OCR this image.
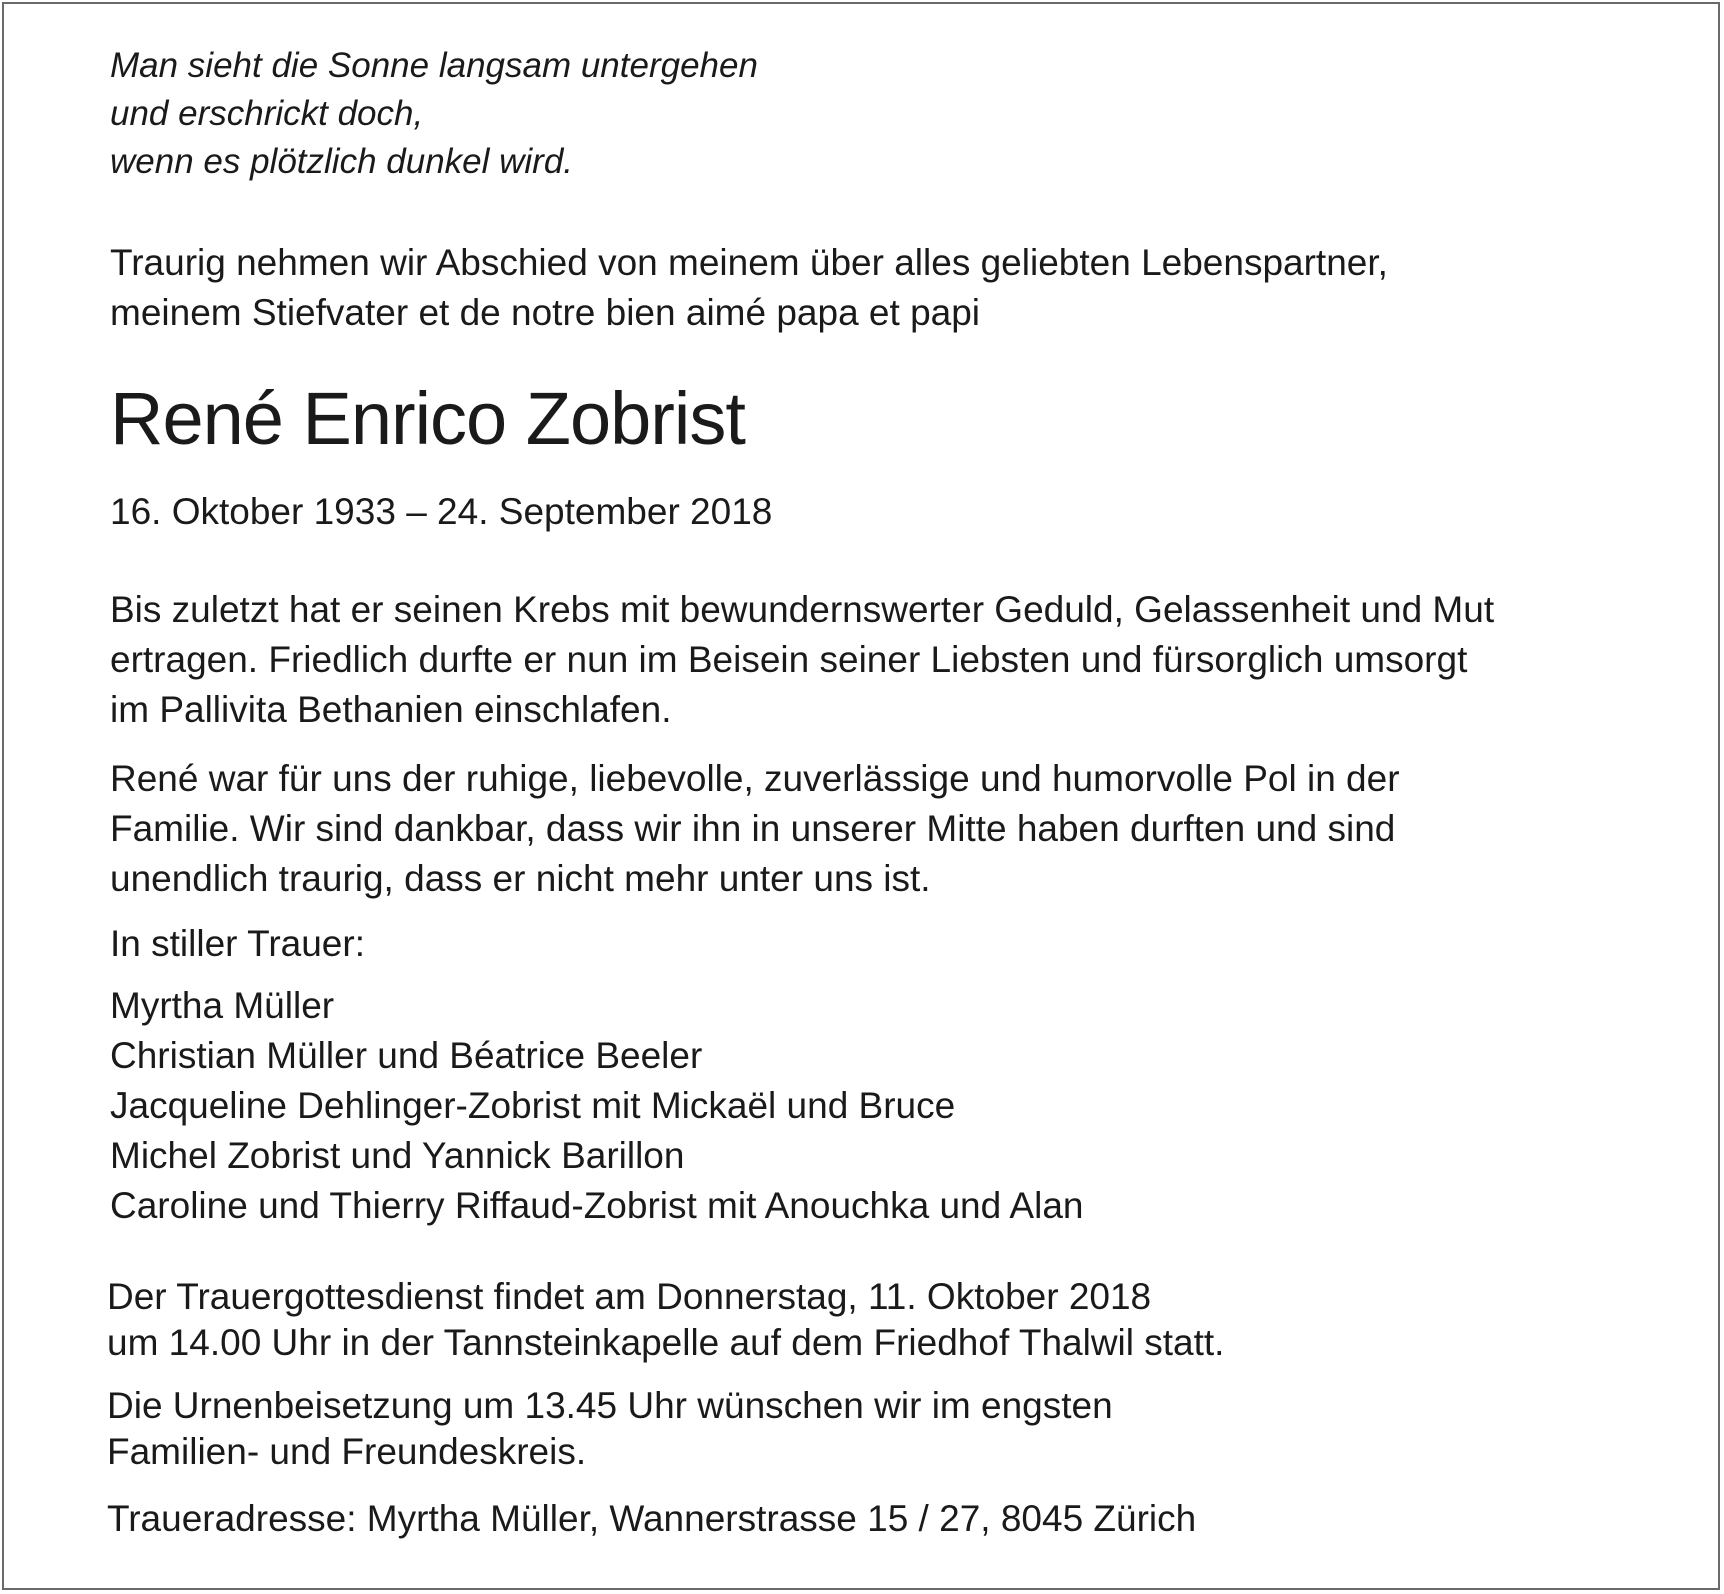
Man sieht die Sonne langsam untergehen
und erschrickt doch,
wenn es plötzlich dunkel wird.

Traurig nehmen wir Abschied von meinem über alles geliebten Lebenspartner,
meinem Stiefvater et de notre bien aimé papa et papi

René Enrico Zobrist

16. Oktober 1933 – 24. September 2018

Bis zuletzt hat er seinen Krebs mit bewundernswerter Geduld, Gelassenheit und Mut
ertragen. Friedlich durfte er nun im Beisein seiner Liebsten und fürsorglich umsorgt
im Pallivita Bethanien einschlafen.

René war für uns der ruhige, liebevolle, zuverlässige und humorvolle Pol in der
Familie. Wir sind dankbar, dass wir ihn in unserer Mitte haben durften und sind
unendlich traurig, dass er nicht mehr unter uns ist.

In stiller Trauer:

Myrtha Müller
Christian Müller und Béatrice Beeler
Jacqueline Dehlinger-Zobrist mit Mickaël und Bruce
Michel Zobrist und Yannick Barillon
Caroline und Thierry Riffaud-Zobrist mit Anouchka und Alan

Der Trauergottesdienst findet am Donnerstag, 11. Oktober 2018
um 14.00 Uhr in der Tannsteinkapelle auf dem Friedhof Thalwil statt.

Die Urnenbeisetzung um 13.45 Uhr wünschen wir im engsten
Familien- und Freundeskreis.

Traueradresse: Myrtha Müller, Wannerstrasse 15 / 27, 8045 Zürich
